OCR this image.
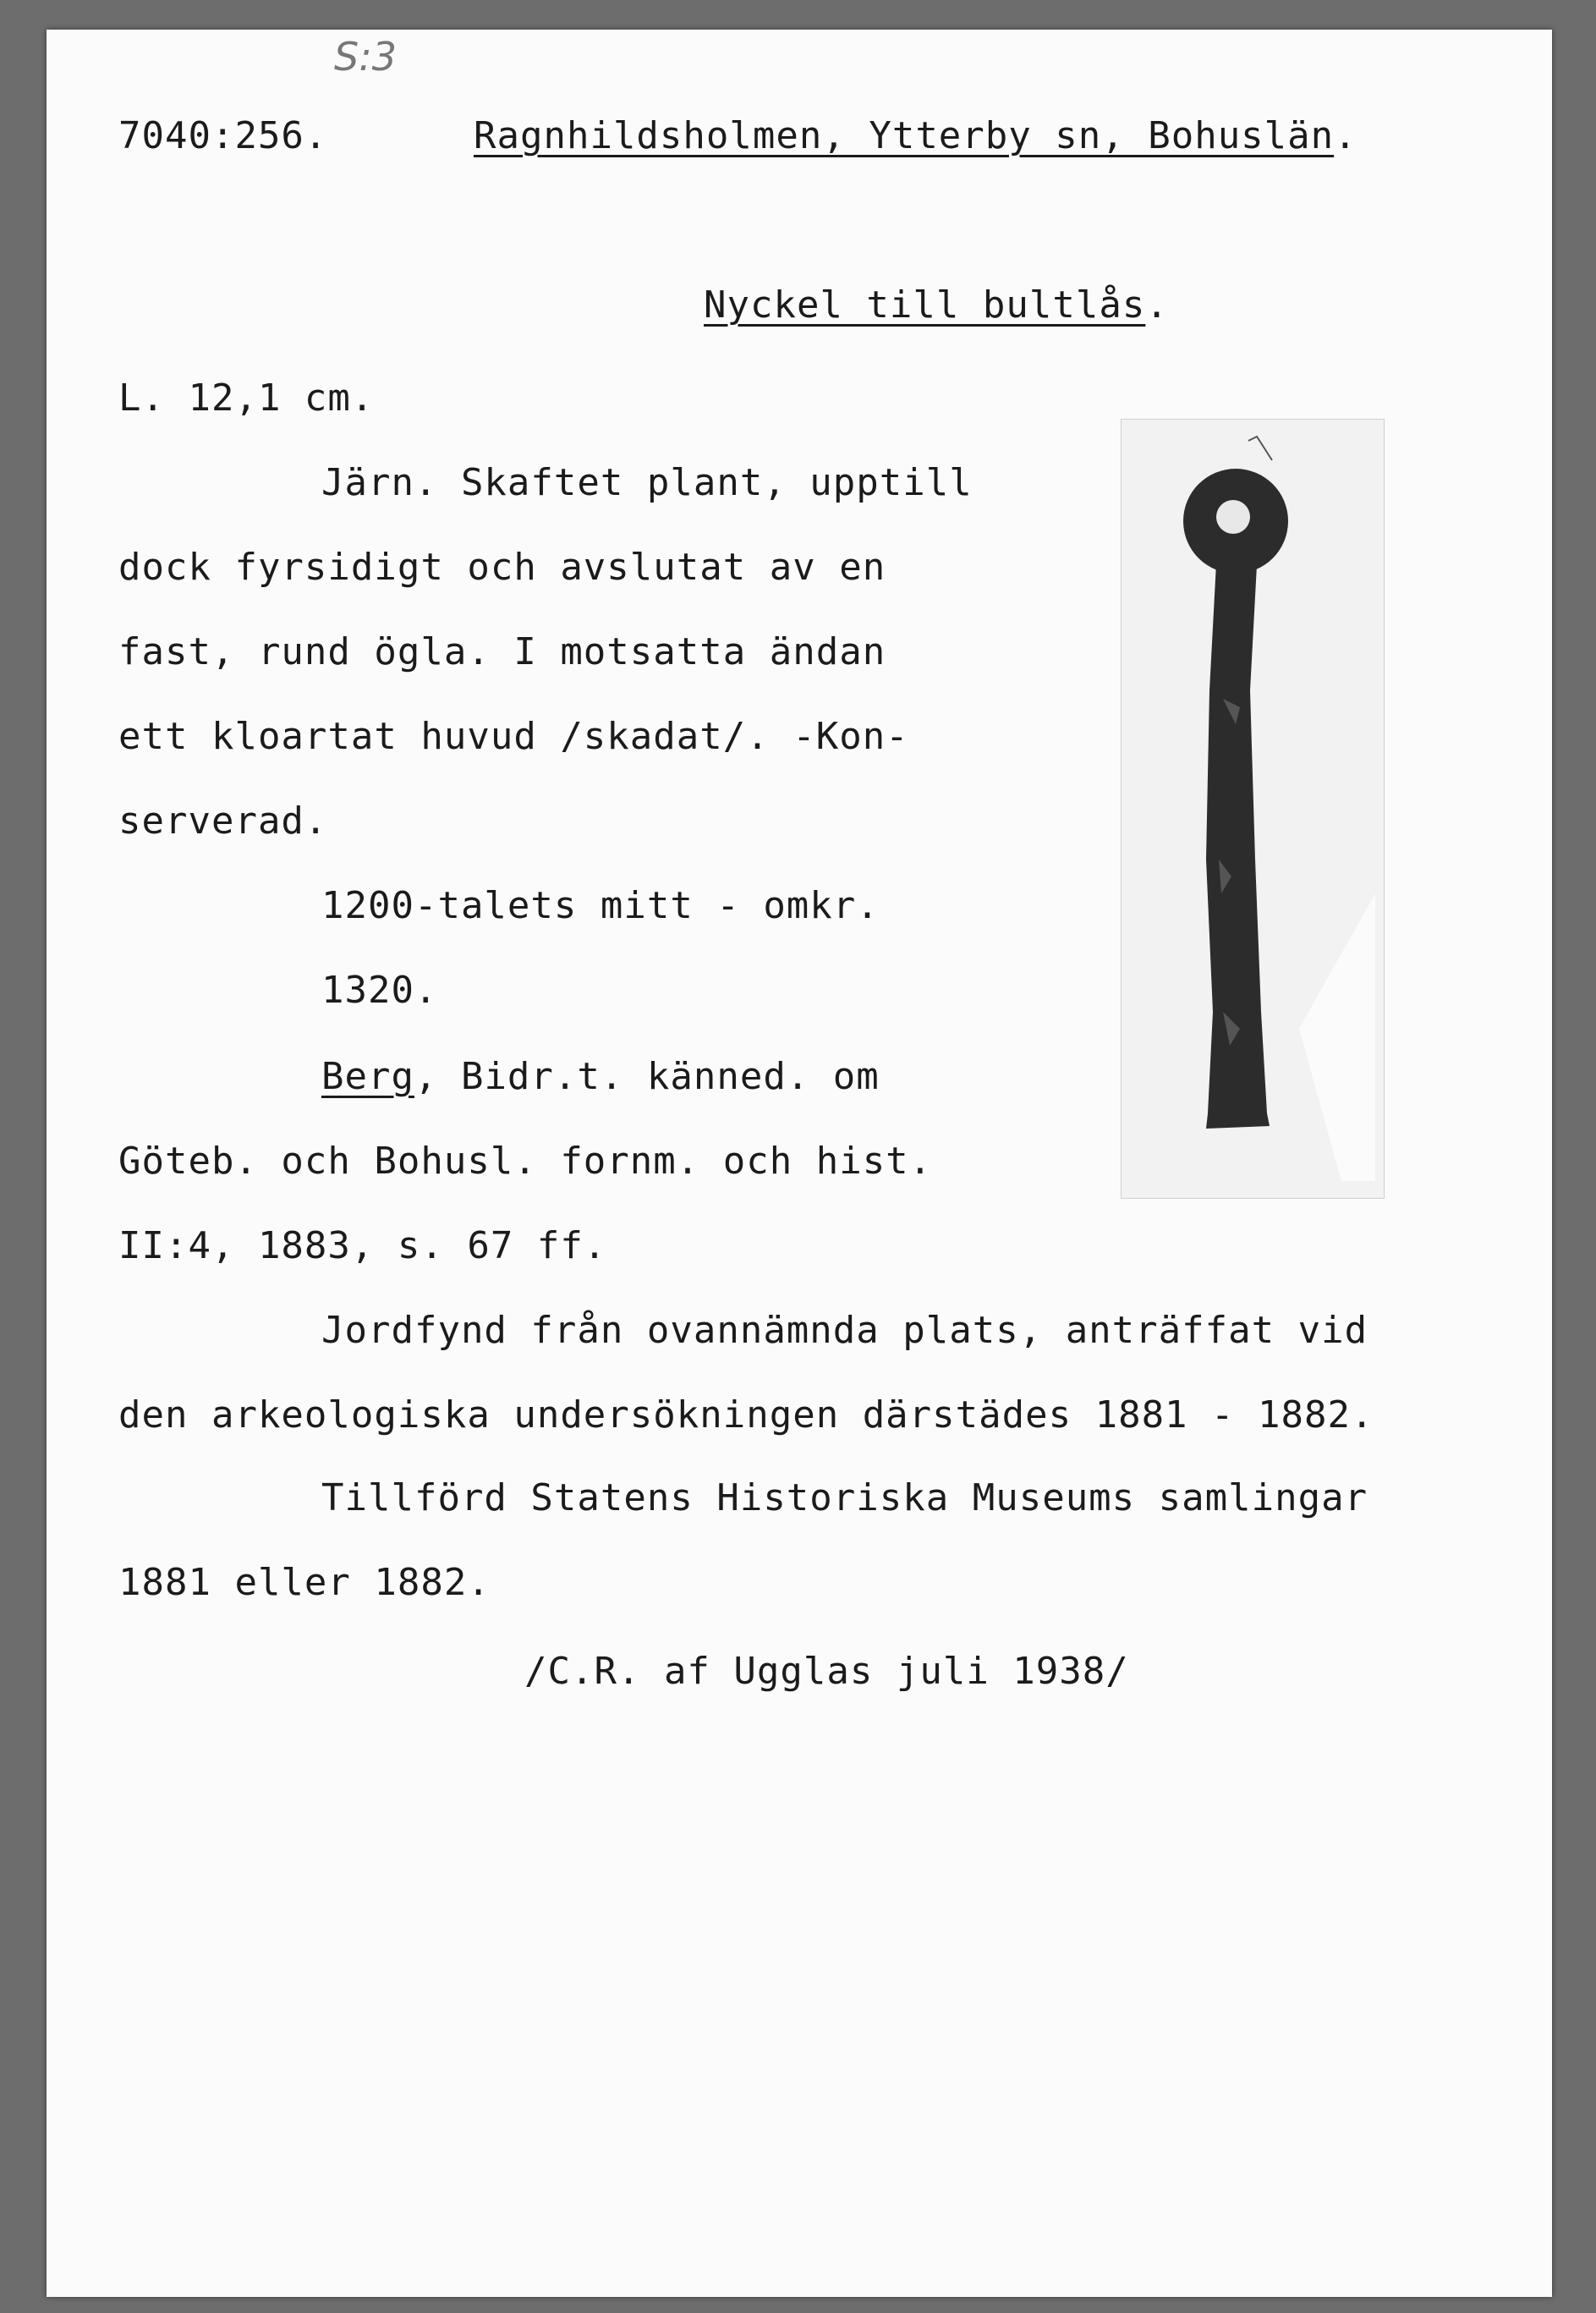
S:3
7040:256.	Ragnhildsholmen, Ytterby sn, Bohuslän.
Nyckel till bultlås.
L. 12,1 cm.
Järn. Skaftet plant, upptill
dock fyrsidigt och avslutat av en
fast, rund ögla. I motsatta ändan
ett kloartat huvud /skadat/. -Kon-
serverad.
1200-talets mitt - omkr.
1320.
Berg, Bidr.t. känned. om
Göteb. och Bohusl. fornm. och hist.
II:4, 1883, s. 67 ff.
Jordfynd från ovannämnda plats, anträffat vid
den arkeologiska undersökningen därstädes 1881 - 1882.
Tillförd Statens Historiska Museums samlingar
1881 eller 1882.
/C.R. af Ugglas juli 1938/
